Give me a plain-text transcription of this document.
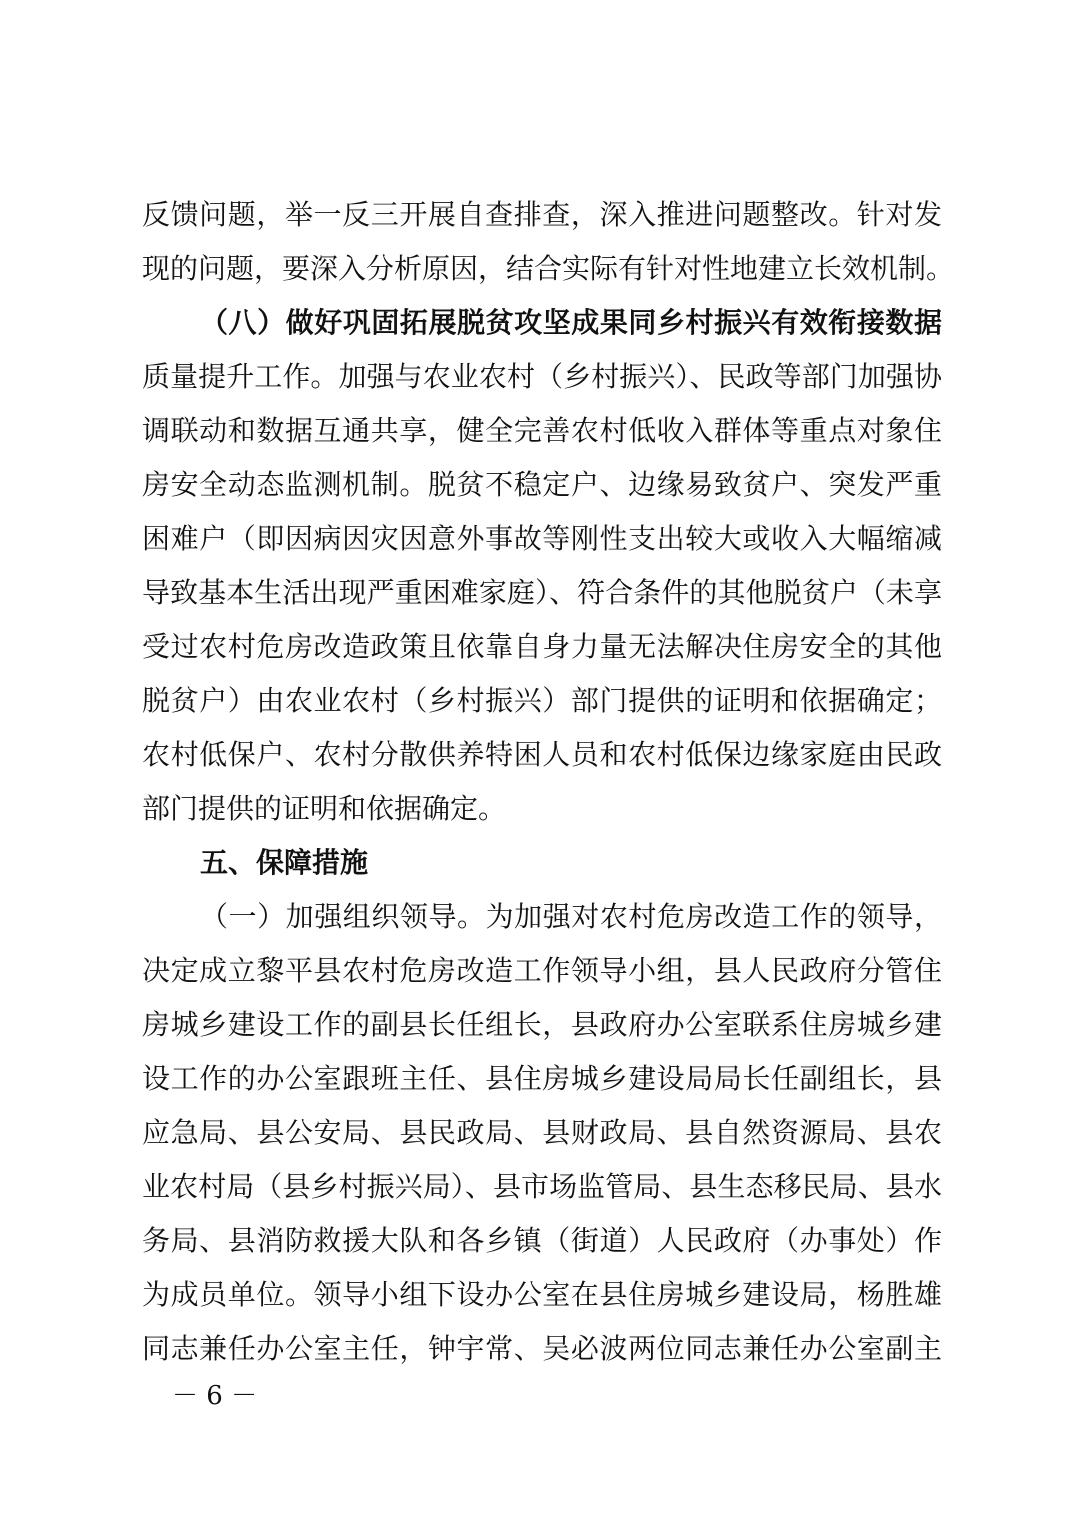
反馈问题，举一反三开展自查排查，深入推进问题整改。针对发
现的问题，要深入分析原因，结合实际有针对性地建立长效机制。
（八）做好巩固拓展脱贫攻坚成果同乡村振兴有效衔接数据
质量提升工作。加强与农业农村（乡村振兴）、民政等部门加强协
调联动和数据互通共享，健全完善农村低收入群体等重点对象住
房安全动态监测机制。脱贫不稳定户、边缘易致贫户、突发严重
困难户（即因病因灾因意外事故等刚性支出较大或收入大幅缩减
导致基本生活出现严重困难家庭）、符合条件的其他脱贫户（未享
受过农村危房改造政策且依靠自身力量无法解决住房安全的其他
脱贫户）由农业农村（乡村振兴）部门提供的证明和依据确定；
农村低保户、农村分散供养特困人员和农村低保边缘家庭由民政
部门提供的证明和依据确定。
五、保障措施
（一）加强组织领导。为加强对农村危房改造工作的领导，
决定成立黎平县农村危房改造工作领导小组，县人民政府分管住
房城乡建设工作的副县长任组长，县政府办公室联系住房城乡建
设工作的办公室跟班主任、县住房城乡建设局局长任副组长，县
应急局、县公安局、县民政局、县财政局、县自然资源局、县农
业农村局（县乡村振兴局）、县市场监管局、县生态移民局、县水
务局、县消防救援大队和各乡镇（街道）人民政府（办事处）作
为成员单位。领导小组下设办公室在县住房城乡建设局，杨胜雄
同志兼任办公室主任，钟宇常、吴必波两位同志兼任办公室副主
－ 6 －
